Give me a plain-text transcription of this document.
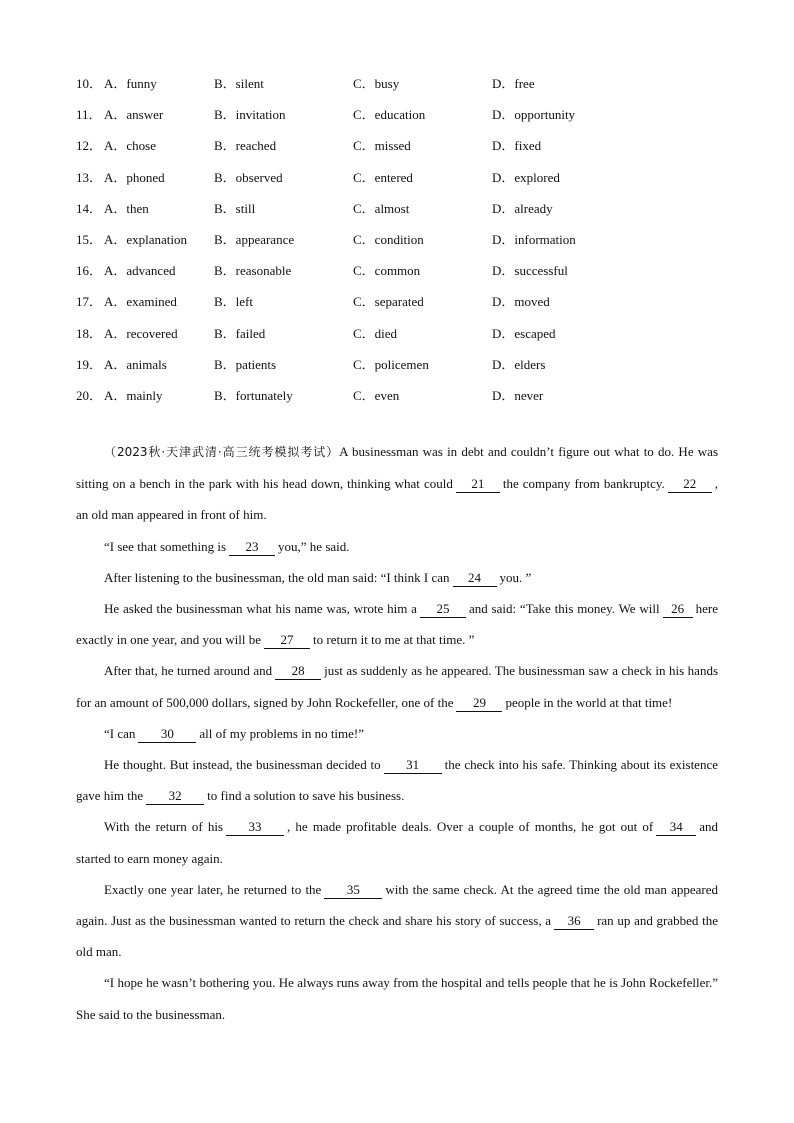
10． A．funny	B．silent	C．busy	D．free
11． A．answer	B．invitation	C．education	D．opportunity
12． A．chose	B．reached	C．missed	D．fixed
13． A．phoned	B．observed	C．entered	D．explored
14． A．then	B．still	C．almost	D．already
15． A．explanation	B．appearance	C．condition	D．information
16． A．advanced	B．reasonable	C．common	D．successful
17． A．examined	B．left	C．separated	D．moved
18． A．recovered	B．failed	C．died	D．escaped
19． A．animals	B．patients	C．policemen	D．elders
20． A．mainly	B．fortunately	C．even	D．never

（2023秋·天津武清·高三统考模拟考试）A businessman was in debt and couldn’t figure out what to do. He was sitting on a bench in the park with his head down, thinking what could 21 the company from bankruptcy. 22 , an old man appeared in front of him.

“I see that something is 23 you,” he said.

After listening to the businessman, the old man said: “I think I can 24 you. ”

He asked the businessman what his name was, wrote him a 25 and said: “Take this money. We will 26 here exactly in one year, and you will be 27 to return it to me at that time. ”

After that, he turned around and 28 just as suddenly as he appeared. The businessman saw a check in his hands for an amount of 500,000 dollars, signed by John Rockefeller, one of the 29 people in the world at that time!

“I can 30 all of my problems in no time!”

He thought. But instead, the businessman decided to 31 the check into his safe. Thinking about its existence gave him the 32 to find a solution to save his business.

With the return of his 33 , he made profitable deals. Over a couple of months, he got out of 34 and started to earn money again.

Exactly one year later, he returned to the 35 with the same check. At the agreed time the old man appeared again. Just as the businessman wanted to return the check and share his story of success, a 36 ran up and grabbed the old man.

“I hope he wasn’t bothering you. He always runs away from the hospital and tells people that he is John Rockefeller.” She said to the businessman.
